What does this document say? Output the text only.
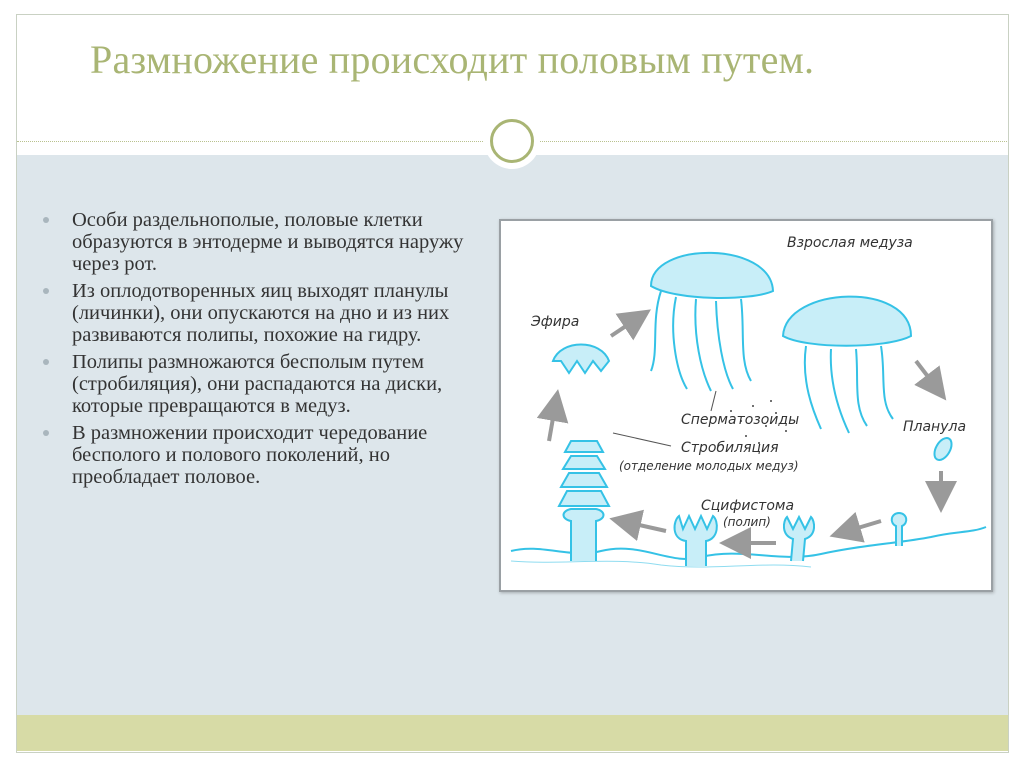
Размножение происходит половым путем.
Особи раздельнополые, половые клетки образуются в энтодерме и выводятся наружу через рот.
Из оплодотворенных яиц выходят планулы (личинки), они опускаются на дно и из них развиваются полипы, похожие на гидру.
Полипы размножаются бесполым путем (стробиляция), они распадаются на диски, которые превращаются в медуз.
В размножении происходит чередование бесполого и полового поколений, но преобладает половое.
Взрослая медуза
Эфира
Сперматозоиды	Планула
Стробиляция
(отделение молодых медуз)
Сцифистома
(полип)
